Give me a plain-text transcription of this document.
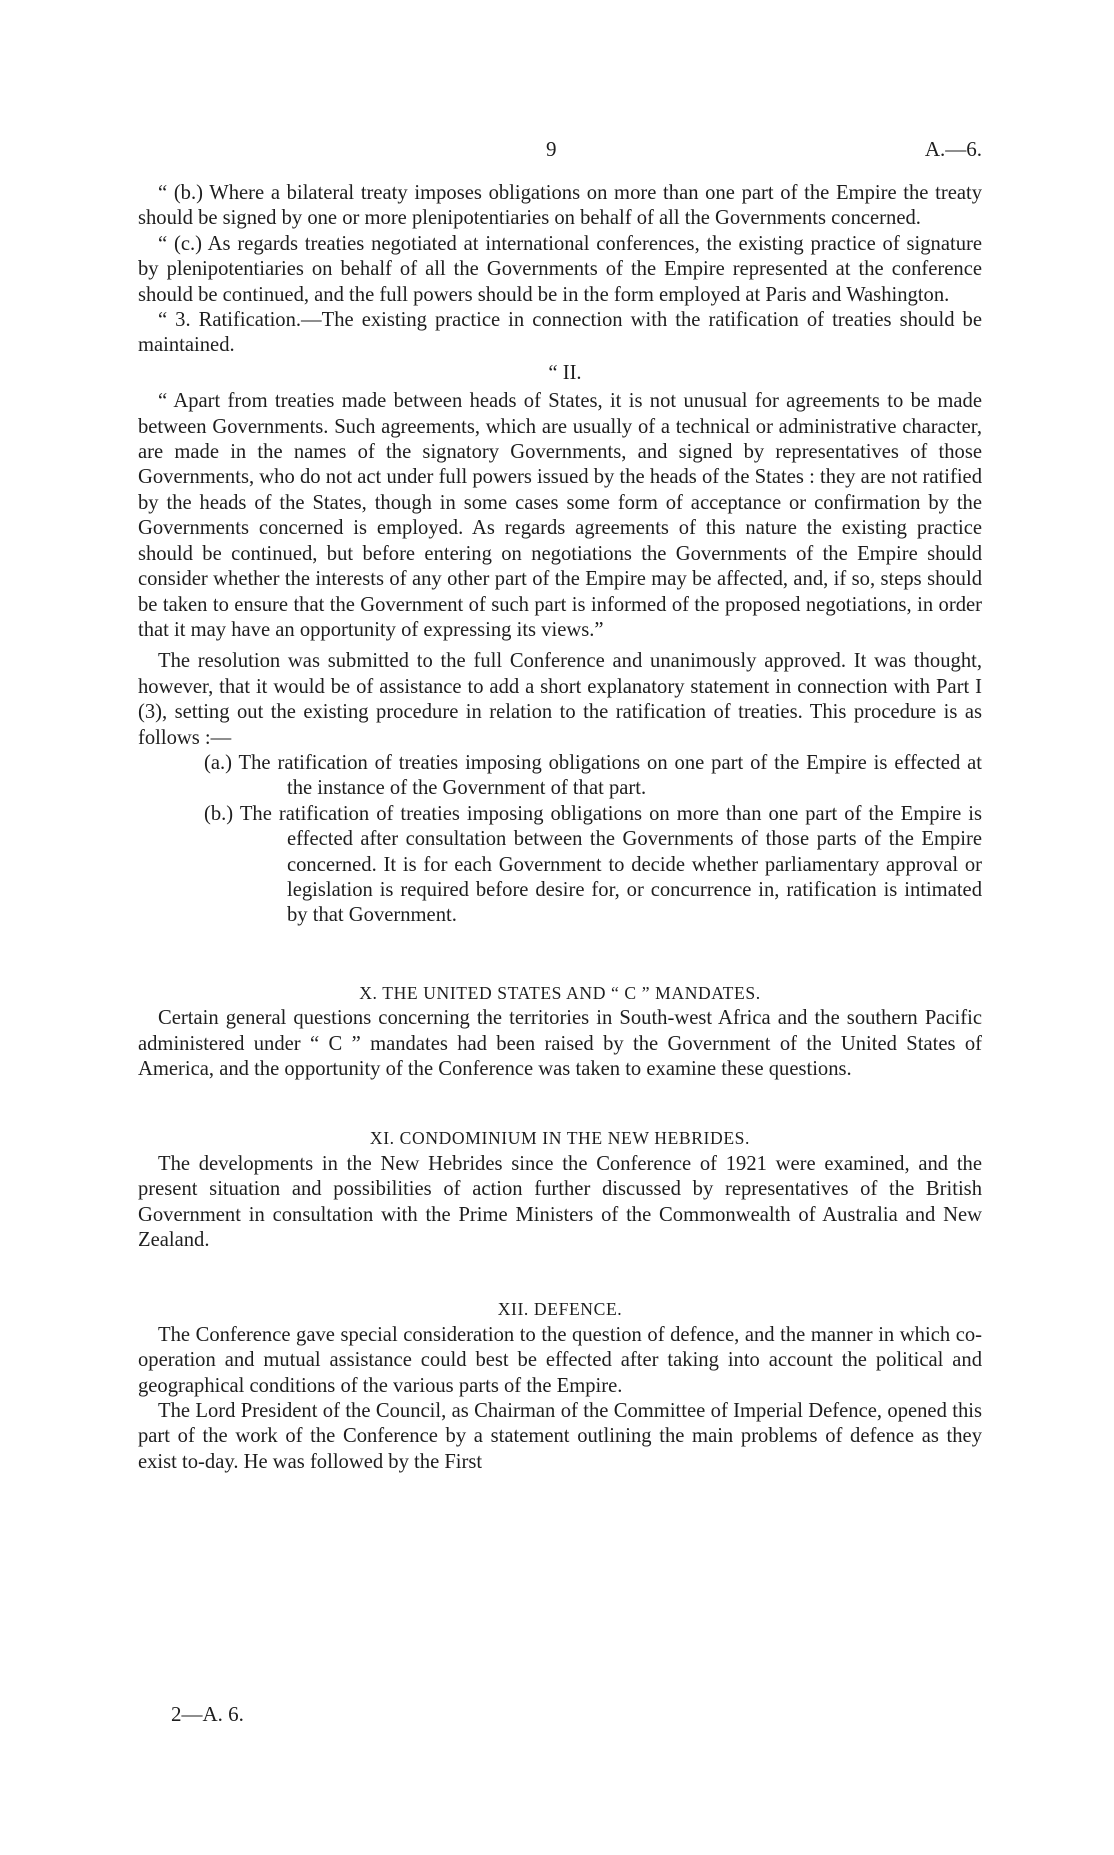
9	A.—6.

“ (b.) Where a bilateral treaty imposes obligations on more than one part of the Empire the treaty should be signed by one or more plenipotentiaries on behalf of all the Governments concerned.

“ (c.) As regards treaties negotiated at international conferences, the existing practice of signature by plenipotentiaries on behalf of all the Governments of the Empire represented at the conference should be continued, and the full powers should be in the form employed at Paris and Washington.

“ 3. Ratification.—The existing practice in connection with the ratification of treaties should be maintained.

“ II.

“ Apart from treaties made between heads of States, it is not unusual for agreements to be made between Governments. Such agreements, which are usually of a technical or administrative character, are made in the names of the signatory Governments, and signed by representatives of those Governments, who do not act under full powers issued by the heads of the States : they are not ratified by the heads of the States, though in some cases some form of acceptance or confirmation by the Governments concerned is employed. As regards agreements of this nature the existing practice should be continued, but before entering on negotiations the Governments of the Empire should consider whether the interests of any other part of the Empire may be affected, and, if so, steps should be taken to ensure that the Government of such part is informed of the proposed negotiations, in order that it may have an opportunity of expressing its views.”

The resolution was submitted to the full Conference and unanimously approved. It was thought, however, that it would be of assistance to add a short explanatory statement in connection with Part I (3), setting out the existing procedure in relation to the ratification of treaties. This procedure is as follows :—

(a.) The ratification of treaties imposing obligations on one part of the Empire is effected at the instance of the Government of that part.

(b.) The ratification of treaties imposing obligations on more than one part of the Empire is effected after consultation between the Governments of those parts of the Empire concerned. It is for each Government to decide whether parliamentary approval or legislation is required before desire for, or concurrence in, ratification is intimated by that Government.

X. THE UNITED STATES AND “ C ” MANDATES.

Certain general questions concerning the territories in South-west Africa and the southern Pacific administered under “ C ” mandates had been raised by the Government of the United States of America, and the opportunity of the Conference was taken to examine these questions.

XI. CONDOMINIUM IN THE NEW HEBRIDES.

The developments in the New Hebrides since the Conference of 1921 were examined, and the present situation and possibilities of action further discussed by representatives of the British Government in consultation with the Prime Ministers of the Commonwealth of Australia and New Zealand.

XII. DEFENCE.

The Conference gave special consideration to the question of defence, and the manner in which co-operation and mutual assistance could best be effected after taking into account the political and geographical conditions of the various parts of the Empire.

The Lord President of the Council, as Chairman of the Committee of Imperial Defence, opened this part of the work of the Conference by a statement outlining the main problems of defence as they exist to-day. He was followed by the First

2—A. 6.
